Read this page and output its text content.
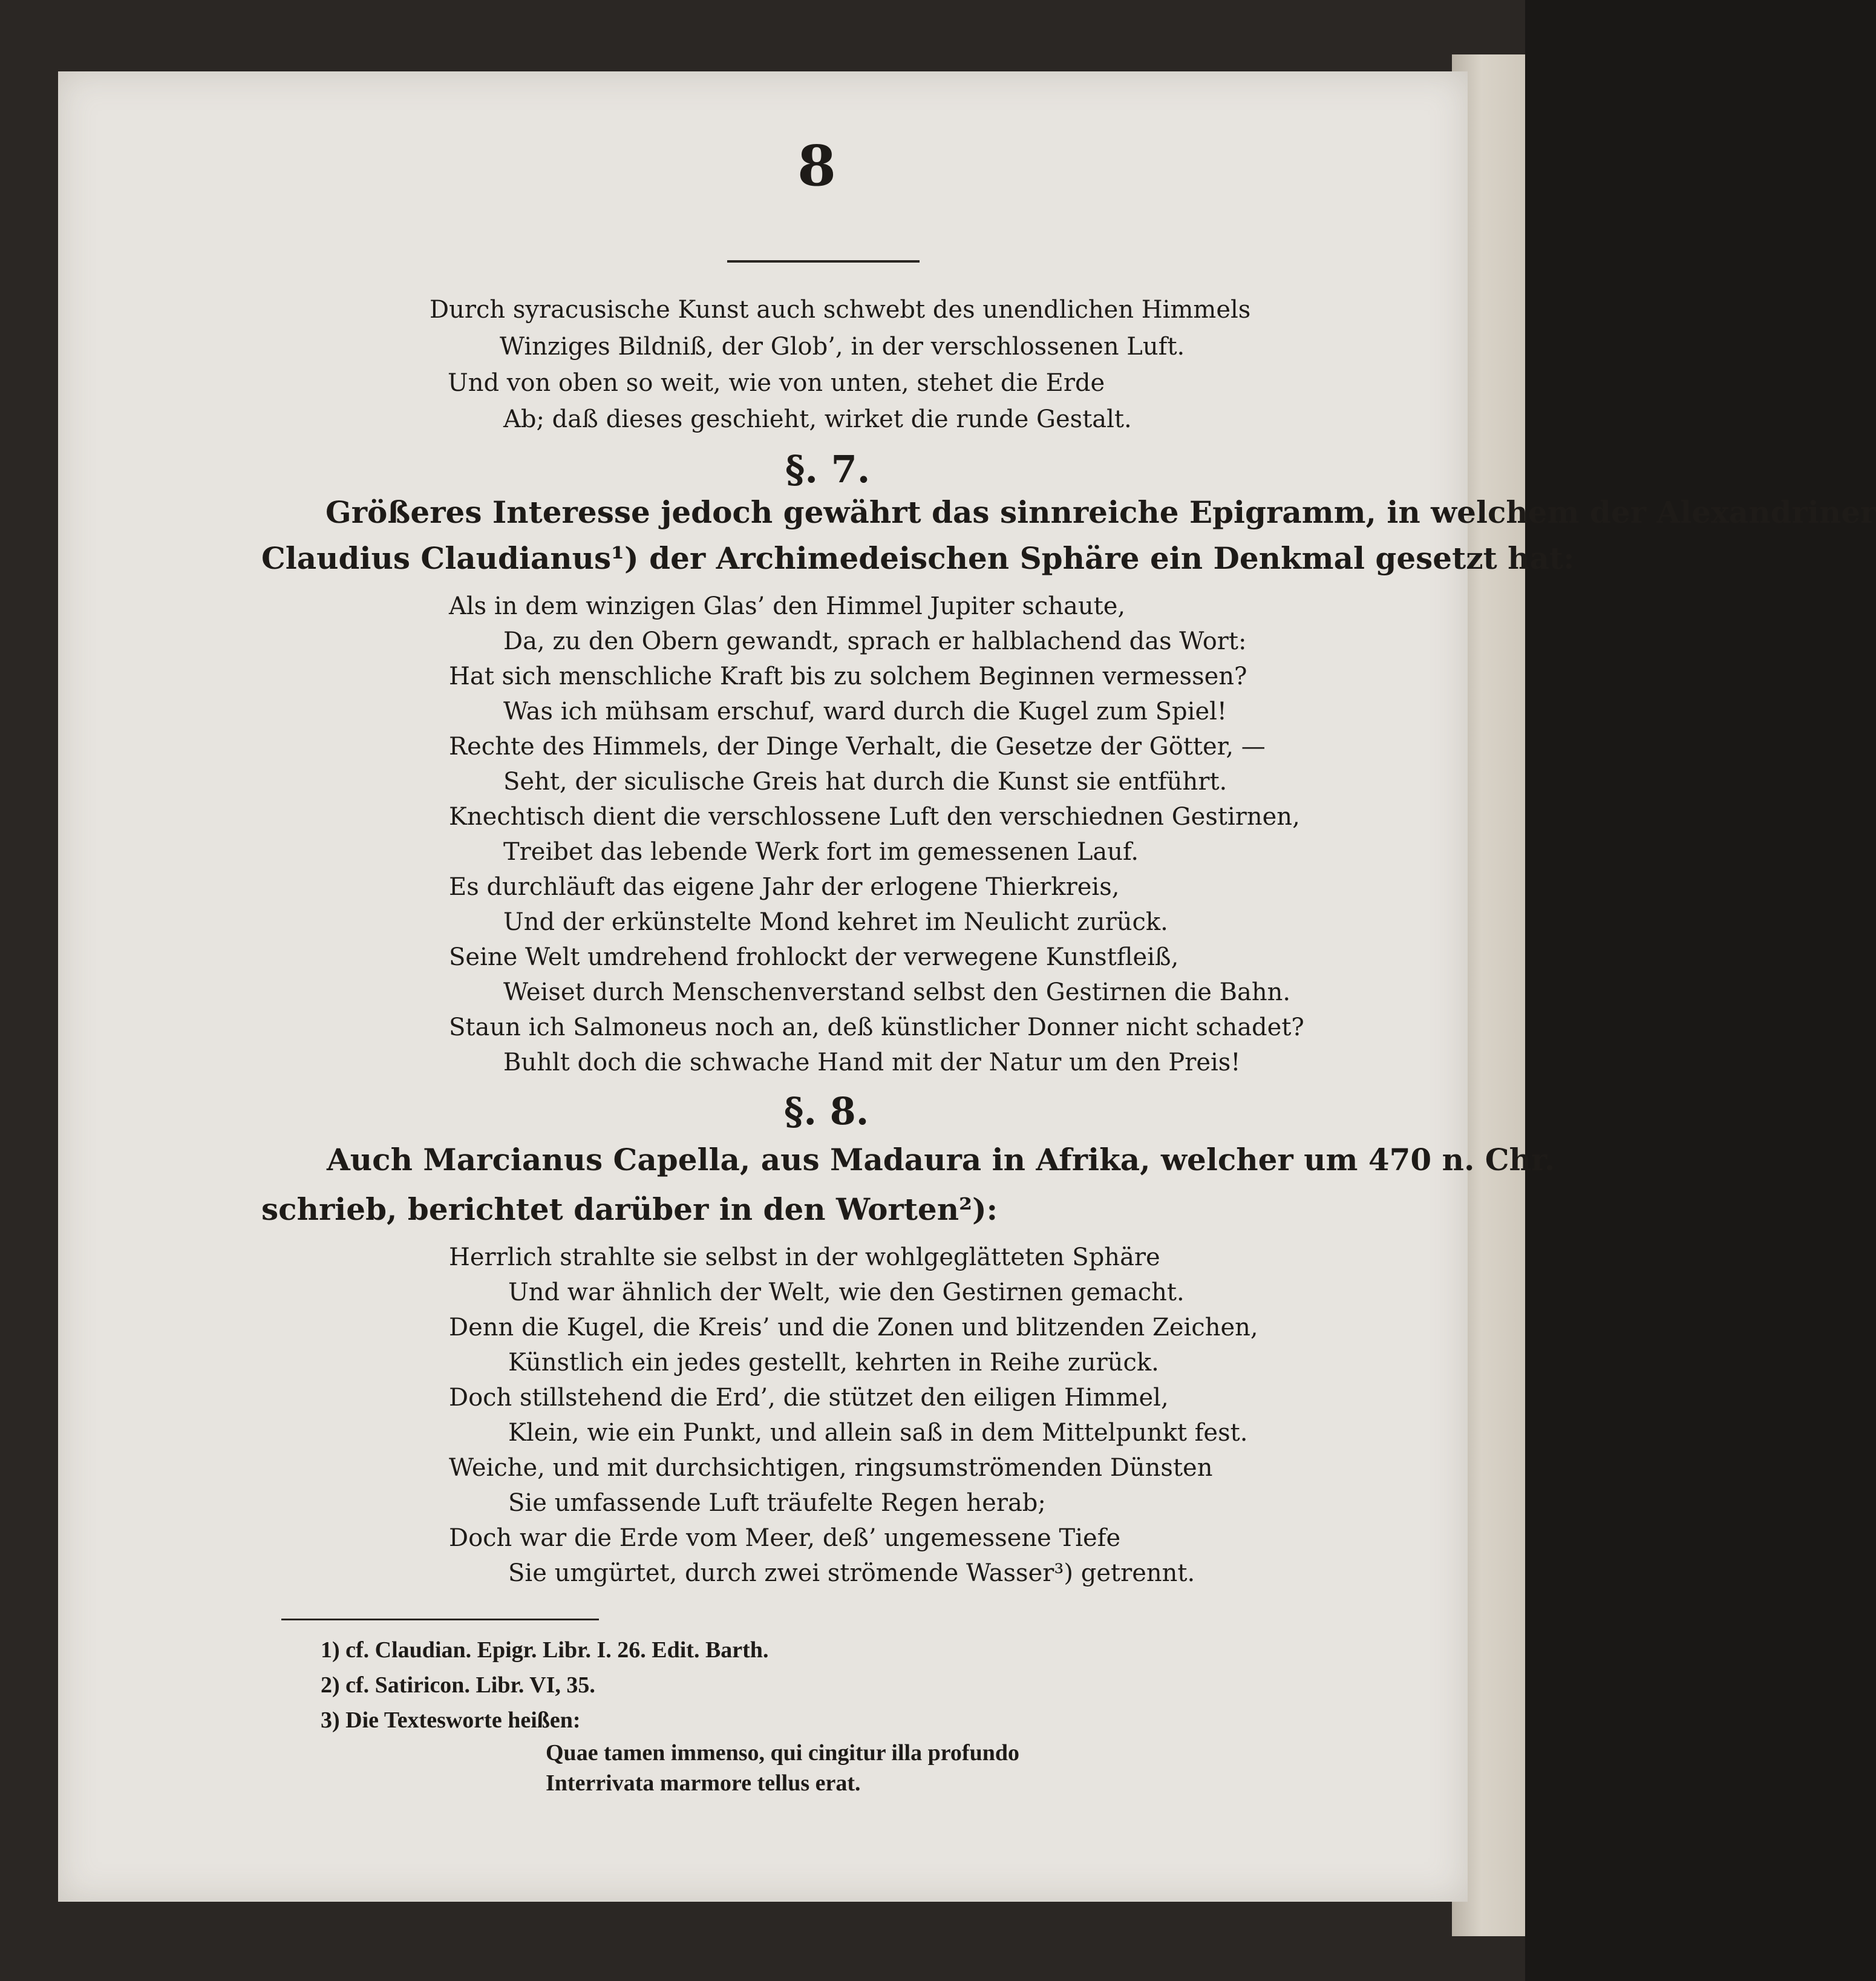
8
Durch syracusische Kunst auch schwebt des unendlichen Himmels
Winziges Bildniß, der Glob’, in der verschlossenen Luft.
Und von oben so weit, wie von unten, stehet die Erde
Ab; daß dieses geschieht, wirket die runde Gestalt.
§. 7.
Größeres Interesse jedoch gewährt das sinnreiche Epigramm, in welchem der Alexandriner
Claudius Claudianus¹) der Archimedeischen Sphäre ein Denkmal gesetzt hat:
Als in dem winzigen Glas’ den Himmel Jupiter schaute,
Da, zu den Obern gewandt, sprach er halblachend das Wort:
Hat sich menschliche Kraft bis zu solchem Beginnen vermessen?
Was ich mühsam erschuf, ward durch die Kugel zum Spiel!
Rechte des Himmels, der Dinge Verhalt, die Gesetze der Götter, —
Seht, der siculische Greis hat durch die Kunst sie entführt.
Knechtisch dient die verschlossene Luft den verschiednen Gestirnen,
Treibet das lebende Werk fort im gemessenen Lauf.
Es durchläuft das eigene Jahr der erlogene Thierkreis,
Und der erkünstelte Mond kehret im Neulicht zurück.
Seine Welt umdrehend frohlockt der verwegene Kunstfleiß,
Weiset durch Menschenverstand selbst den Gestirnen die Bahn.
Staun ich Salmoneus noch an, deß künstlicher Donner nicht schadet?
Buhlt doch die schwache Hand mit der Natur um den Preis!
§. 8.
Auch Marcianus Capella, aus Madaura in Afrika, welcher um 470 n. Chr.
schrieb, berichtet darüber in den Worten²):
Herrlich strahlte sie selbst in der wohlgeglätteten Sphäre
Und war ähnlich der Welt, wie den Gestirnen gemacht.
Denn die Kugel, die Kreis’ und die Zonen und blitzenden Zeichen,
Künstlich ein jedes gestellt, kehrten in Reihe zurück.
Doch stillstehend die Erd’, die stützet den eiligen Himmel,
Klein, wie ein Punkt, und allein saß in dem Mittelpunkt fest.
Weiche, und mit durchsichtigen, ringsumströmenden Dünsten
Sie umfassende Luft träufelte Regen herab;
Doch war die Erde vom Meer, deß’ ungemessene Tiefe
Sie umgürtet, durch zwei strömende Wasser³) getrennt.
1) cf. Claudian. Epigr. Libr. I. 26. Edit. Barth.
2) cf. Satiricon. Libr. VI, 35.
3) Die Texteswortе heißen:
Quae tamen immenso, qui cingitur illa profundo
Interrivata marmore tellus erat.
